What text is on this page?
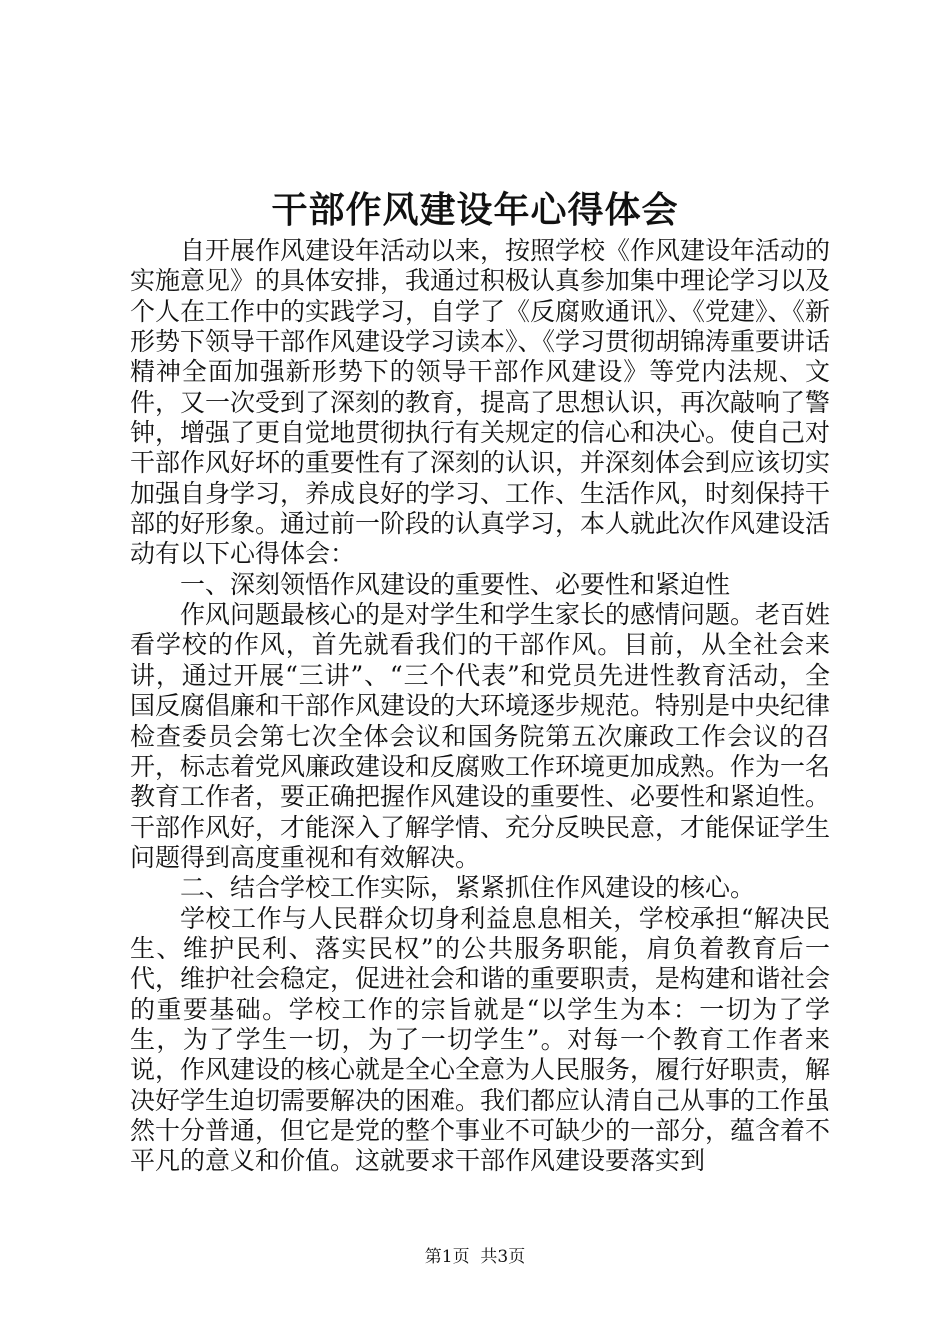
干部作风建设年心得体会

自开展作风建设年活动以来，按照学校《作风建设年活动的实施意见》的具体安排，我通过积极认真参加集中理论学习以及个人在工作中的实践学习，自学了《反腐败通讯》、《党建》、《新形势下领导干部作风建设学习读本》、《学习贯彻胡锦涛重要讲话精神全面加强新形势下的领导干部作风建设》等党内法规、文件，又一次受到了深刻的教育，提高了思想认识，再次敲响了警钟，增强了更自觉地贯彻执行有关规定的信心和决心。使自己对干部作风好坏的重要性有了深刻的认识，并深刻体会到应该切实加强自身学习，养成良好的学习、工作、生活作风，时刻保持干部的好形象。通过前一阶段的认真学习，本人就此次作风建设活动有以下心得体会：

一、深刻领悟作风建设的重要性、必要性和紧迫性

作风问题最核心的是对学生和学生家长的感情问题。老百姓看学校的作风，首先就看我们的干部作风。目前，从全社会来讲，通过开展“三讲”、“三个代表”和党员先进性教育活动，全国反腐倡廉和干部作风建设的大环境逐步规范。特别是中央纪律检查委员会第七次全体会议和国务院第五次廉政工作会议的召开，标志着党风廉政建设和反腐败工作环境更加成熟。作为一名教育工作者，要正确把握作风建设的重要性、必要性和紧迫性。干部作风好，才能深入了解学情、充分反映民意，才能保证学生问题得到高度重视和有效解决。

二、结合学校工作实际，紧紧抓住作风建设的核心。

学校工作与人民群众切身利益息息相关，学校承担“解决民生、维护民利、落实民权”的公共服务职能，肩负着教育后一代，维护社会稳定，促进社会和谐的重要职责，是构建和谐社会的重要基础。学校工作的宗旨就是“以学生为本：一切为了学生，为了学生一切，为了一切学生”。对每一个教育工作者来说，作风建设的核心就是全心全意为人民服务，履行好职责，解决好学生迫切需要解决的困难。我们都应认清自己从事的工作虽然十分普通，但它是党的整个事业不可缺少的一部分，蕴含着不平凡的意义和价值。这就要求干部作风建设要落实到

第1页 共3页
